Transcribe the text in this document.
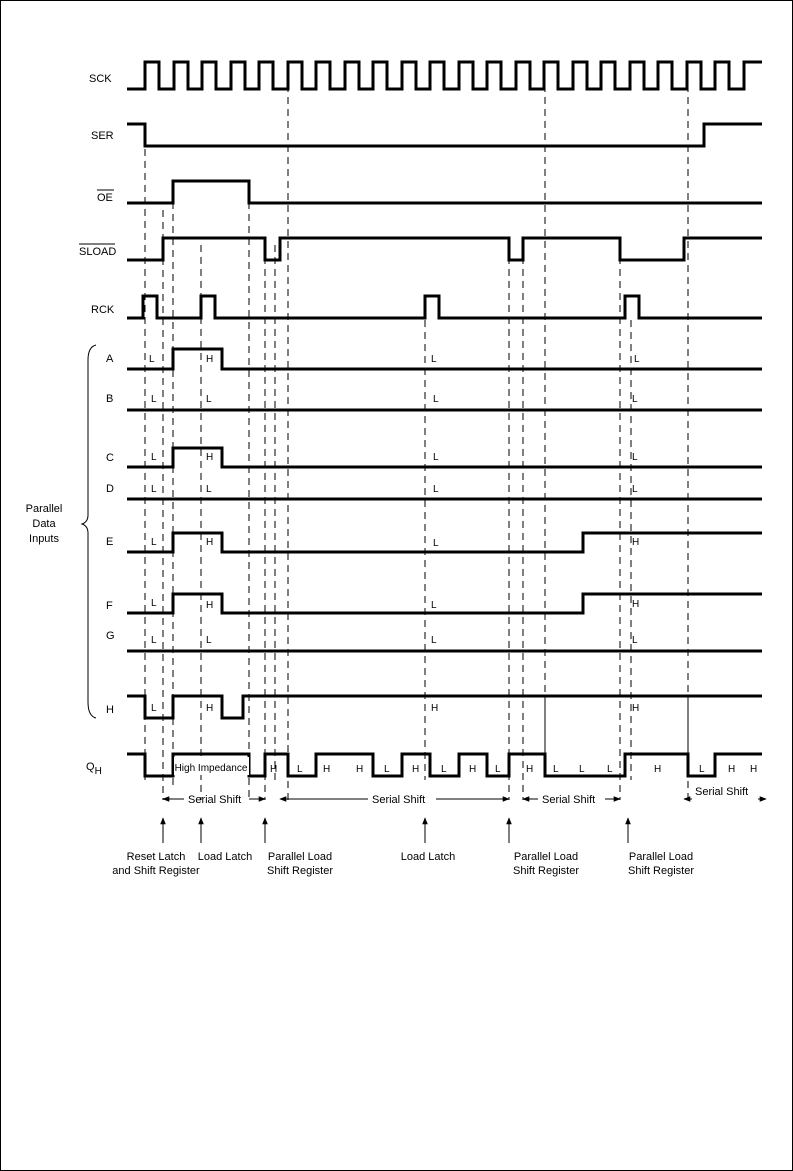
SCK
SER
OE
SLOAD
RCK
A
B
C
D
E
F
G
H
QH
Parallel
Data
Inputs
High Impedance
L	H	L	L
L	L	L	L
L	H	L	L
L	L	L	L
L	H	L	H
L	H	L	H
L	L	L	L
L	H	H	H
H L H	H L H L H L	H L L L	H	L H H
Serial Shift	Serial Shift	Serial Shift
Serial Shift
Reset Latch
and Shift Register
Load Latch Parallel Load
Shift Register
Load Latch	Parallel Load
Shift Register
Parallel Load
Shift Register
